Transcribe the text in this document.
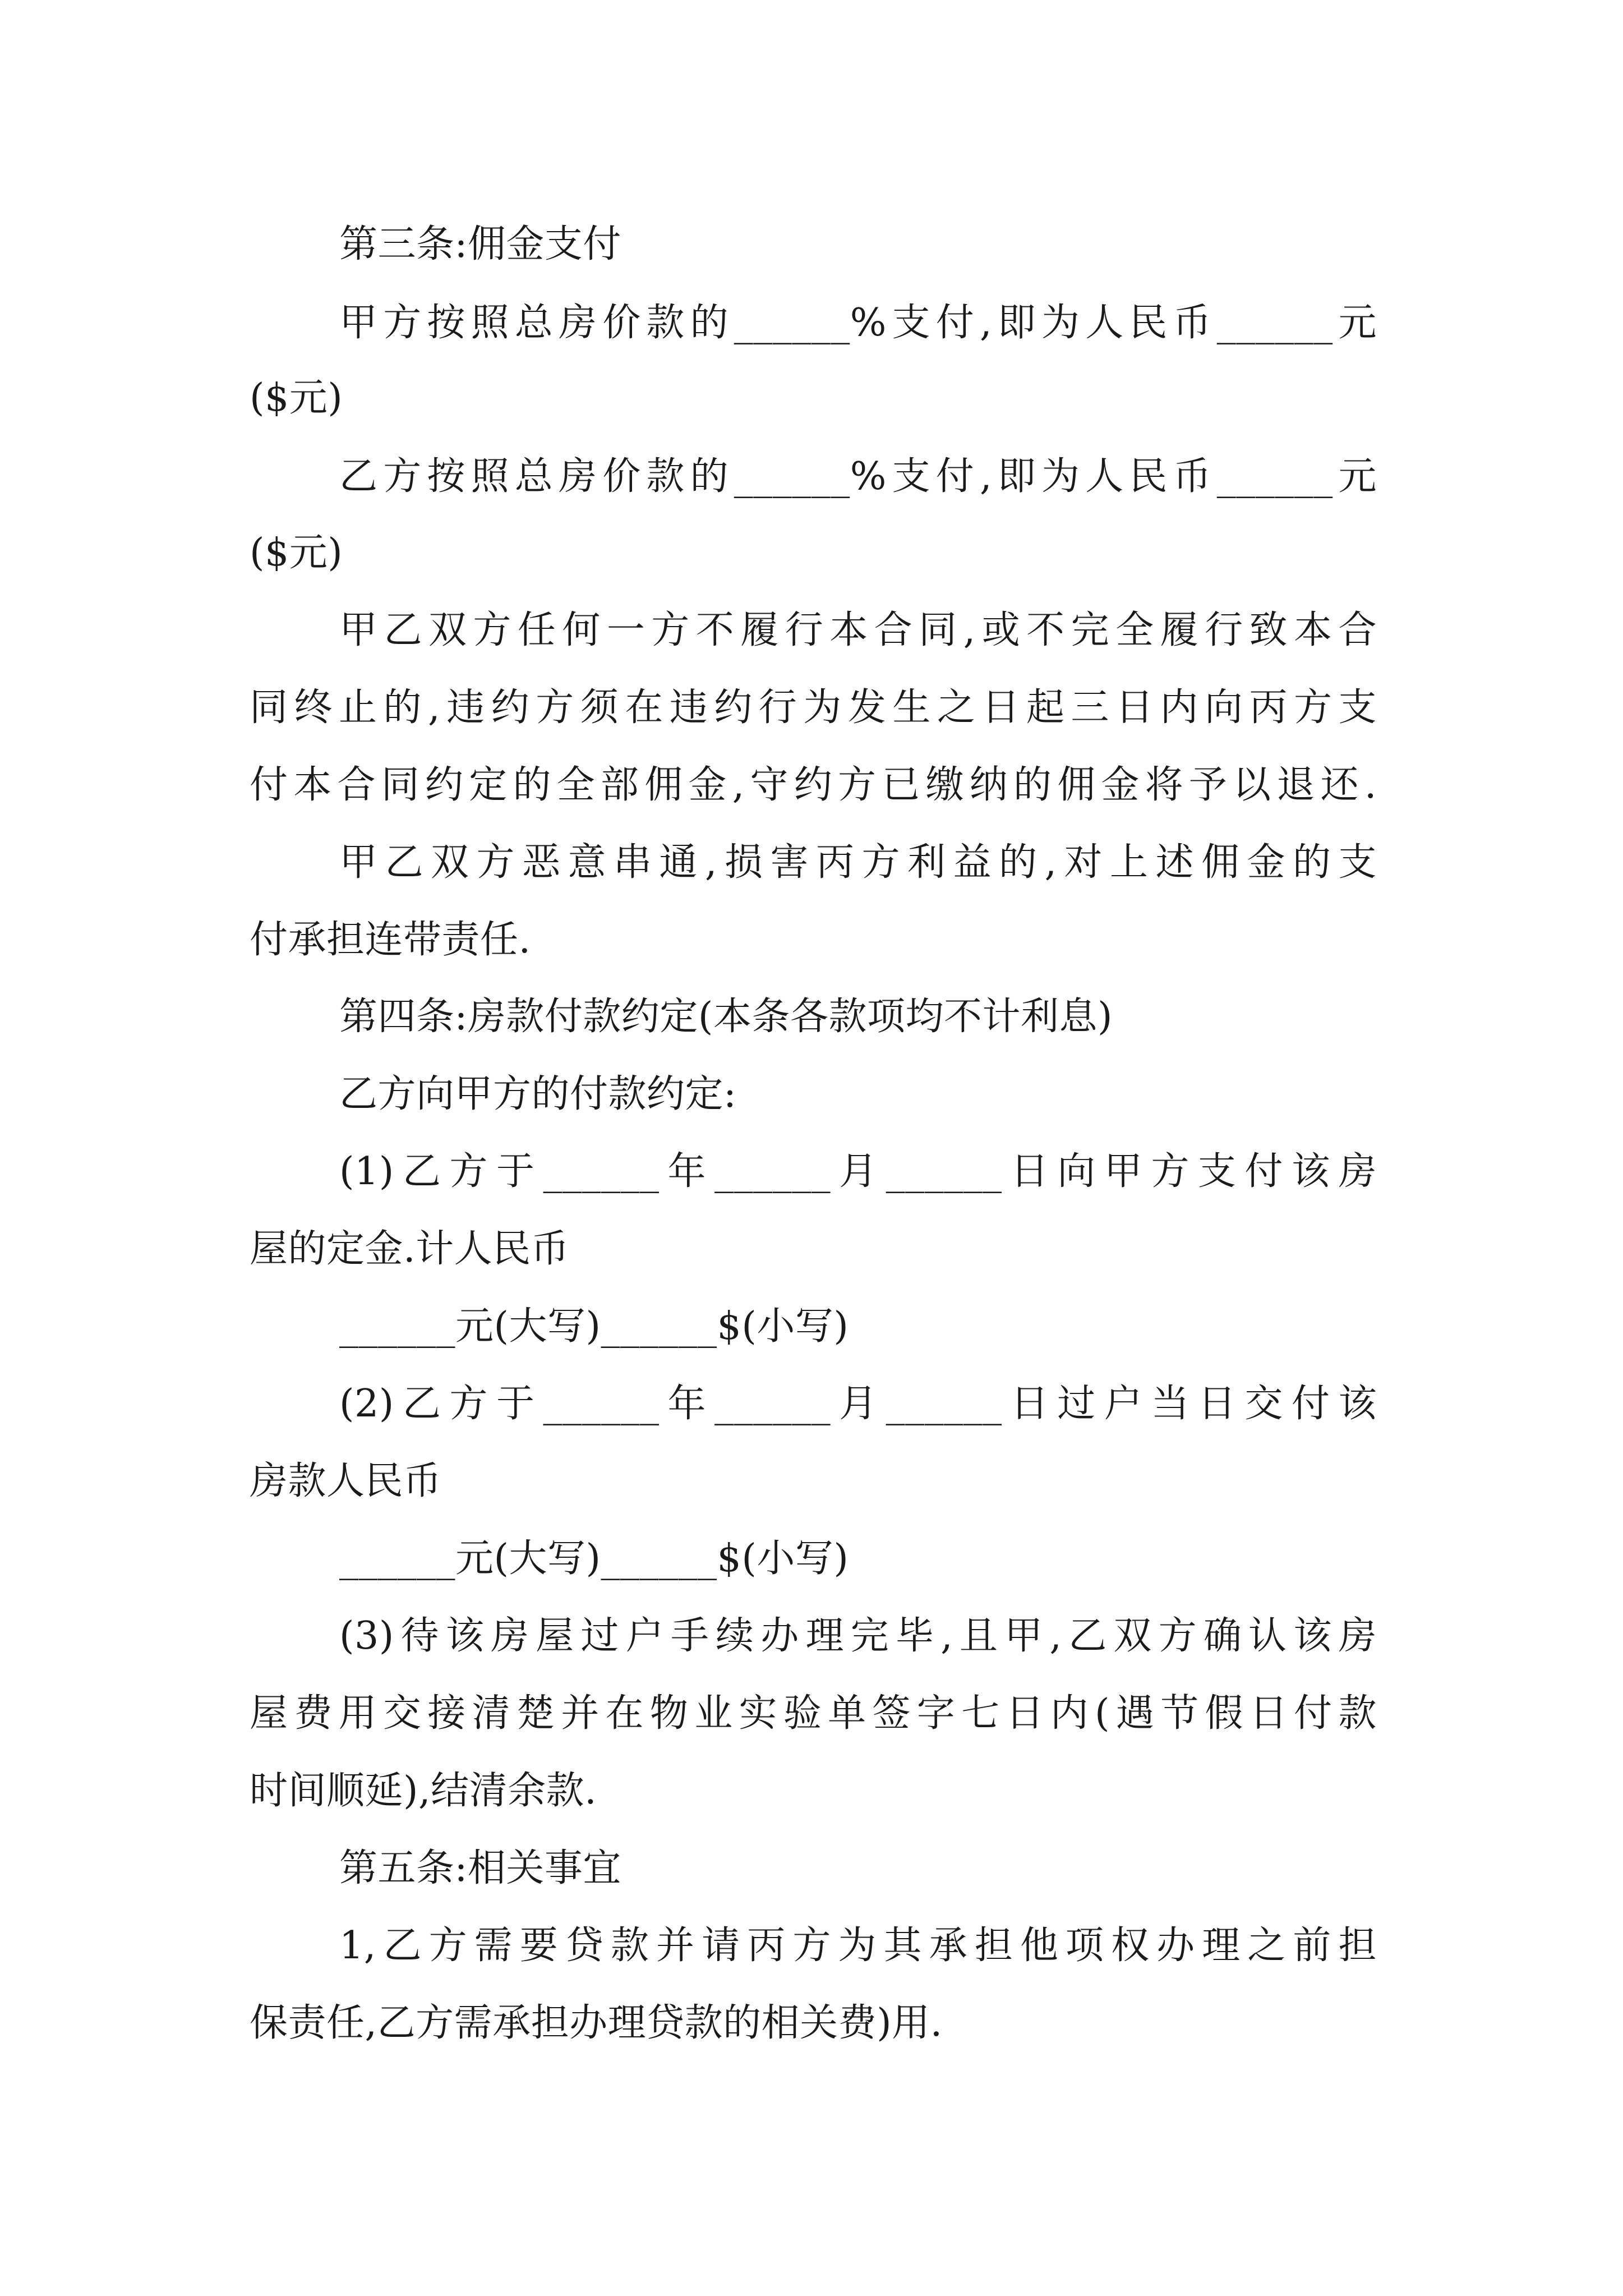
第三条:佣金支付
甲方按照总房价款的______%支付,即为人民币______元
($元)
乙方按照总房价款的______%支付,即为人民币______元
($元)
甲乙双方任何一方不履行本合同,或不完全履行致本合
同终止的,违约方须在违约行为发生之日起三日内向丙方支
付本合同约定的全部佣金,守约方已缴纳的佣金将予以退还.
甲乙双方恶意串通,损害丙方利益的,对上述佣金的支
付承担连带责任.
第四条:房款付款约定(本条各款项均不计利息)
乙方向甲方的付款约定:
(1)乙方于______年______月______日向甲方支付该房
屋的定金.计人民币
______元(大写)______$(小写)
(2)乙方于______年______月______日过户当日交付该
房款人民币
______元(大写)______$(小写)
(3)待该房屋过户手续办理完毕,且甲,乙双方确认该房
屋费用交接清楚并在物业实验单签字七日内(遇节假日付款
时间顺延),结清余款.
第五条:相关事宜
1,乙方需要贷款并请丙方为其承担他项权办理之前担
保责任,乙方需承担办理贷款的相关费)用.
